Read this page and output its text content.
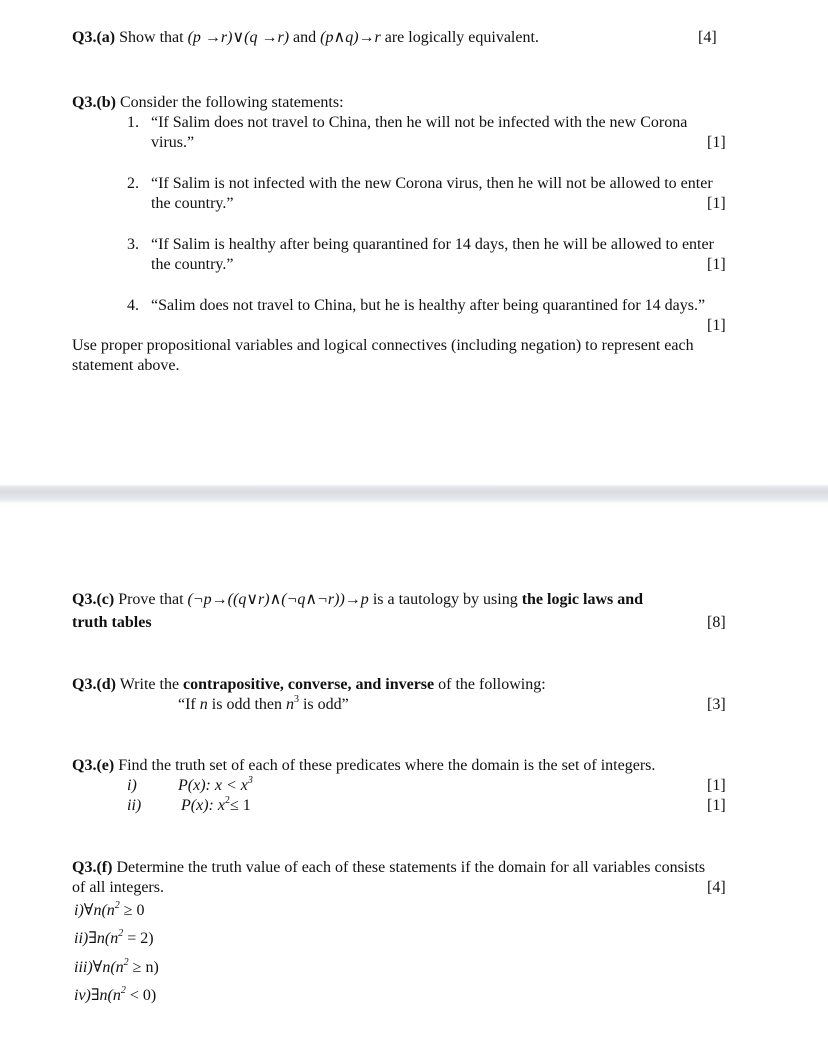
Q3.(a) Show that (p →r)∨(q →r) and (p∧q)→r are logically equivalent.	[4]
Q3.(b) Consider the following statements:
1. “If Salim does not travel to China, then he will not be infected with the new Corona
virus.”	[1]
2. “If Salim is not infected with the new Corona virus, then he will not be allowed to enter
the country.”	[1]
3. “If Salim is healthy after being quarantined for 14 days, then he will be allowed to enter
the country.”	[1]
4. “Salim does not travel to China, but he is healthy after being quarantined for 14 days.”
[1]
Use proper propositional variables and logical connectives (including negation) to represent each
statement above.
Q3.(c) Prove that (¬p→((q∨r)∧(¬q∧¬r))→p is a tautology by using the logic laws and
truth tables	[8]
Q3.(d) Write the contrapositive, converse, and inverse of the following:
“If n is odd then $n^3$ is odd”	[3]
Q3.(e) Find the truth set of each of these predicates where the domain is the set of integers.
i)	P(x): $x < x^3$	[1]
ii) P(x): $x^2\le 1$	[1]
Q3.(f) Determine the truth value of each of these statements if the domain for all variables consists
of all integers.	[4]
$i)\forall n(n^2 \ge 0$
$ii)\exists n(n^2 = 2)$
$iii)\forall n(n^2 \ge n)$
$iv)\exists n(n^2 < 0)$
